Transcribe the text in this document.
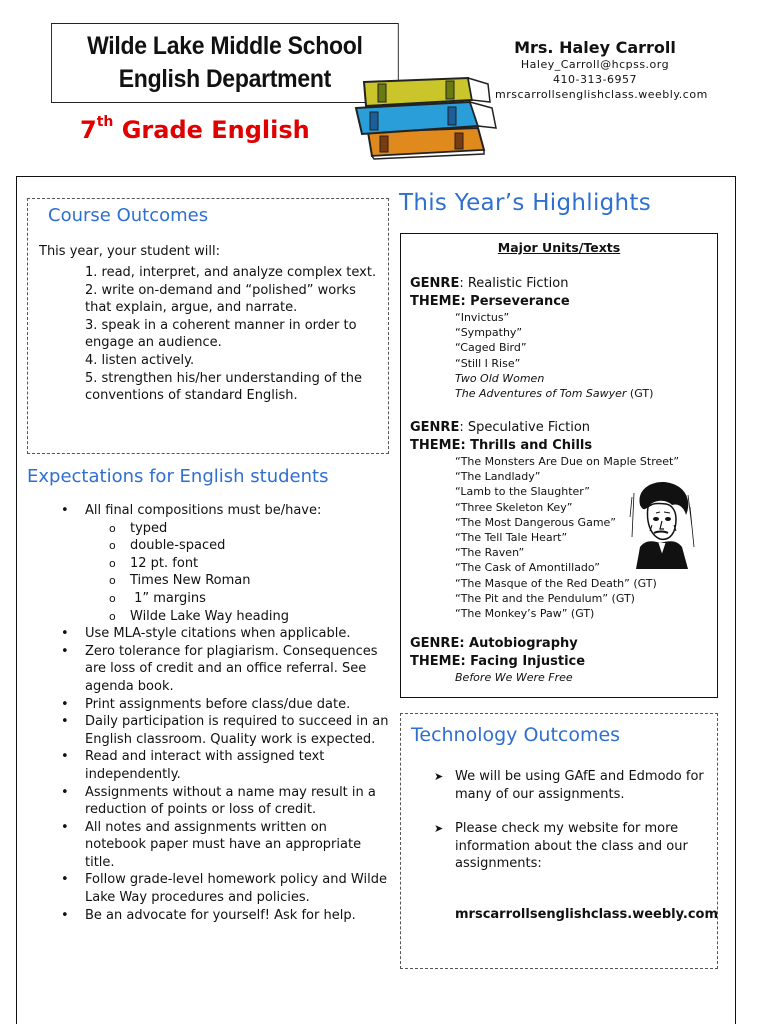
Wilde Lake Middle School
English Department
7th Grade English
Mrs. Haley Carroll
Haley_Carroll@hcpss.org
410-313-6957
mrscarrollsenglishclass.weebly.com
Course Outcomes
This year, your student will:
1. read, interpret, and analyze complex text.
2. write on-demand and “polished” works that explain, argue, and narrate.
3. speak in a coherent manner in order to engage an audience.
4. listen actively.
5. strengthen his/her understanding of the conventions of standard English.
Expectations for English students
• All final compositions must be/have:
o typed
o double-spaced
o 12 pt. font
o Times New Roman
o  1” margins
o Wilde Lake Way heading
• Use MLA-style citations when applicable.
• Zero tolerance for plagiarism. Consequences are loss of credit and an office referral. See agenda book.
• Print assignments before class/due date.
• Daily participation is required to succeed in an English classroom. Quality work is expected.
• Read and interact with assigned text independently.
• Assignments without a name may result in a reduction of points or loss of credit.
• All notes and assignments written on notebook paper must have an appropriate title.
• Follow grade-level homework policy and Wilde Lake Way procedures and policies.
• Be an advocate for yourself! Ask for help.
This Year’s Highlights
Major Units/Texts
GENRE: Realistic Fiction
THEME: Perseverance
“Invictus”
“Sympathy”
“Caged Bird”
“Still I Rise”
Two Old Women
The Adventures of Tom Sawyer (GT)
GENRE: Speculative Fiction
THEME: Thrills and Chills
“The Monsters Are Due on Maple Street”
“The Landlady”
“Lamb to the Slaughter”
“Three Skeleton Key”
“The Most Dangerous Game”
“The Tell Tale Heart”
“The Raven”
“The Cask of Amontillado”
“The Masque of the Red Death” (GT)
“The Pit and the Pendulum” (GT)
“The Monkey’s Paw” (GT)
GENRE: Autobiography
THEME: Facing Injustice
Before We Were Free
Technology Outcomes
➤ We will be using GAfE and Edmodo for many of our assignments.
➤ Please check my website for more information about the class and our assignments:
mrscarrollsenglishclass.weebly.com
